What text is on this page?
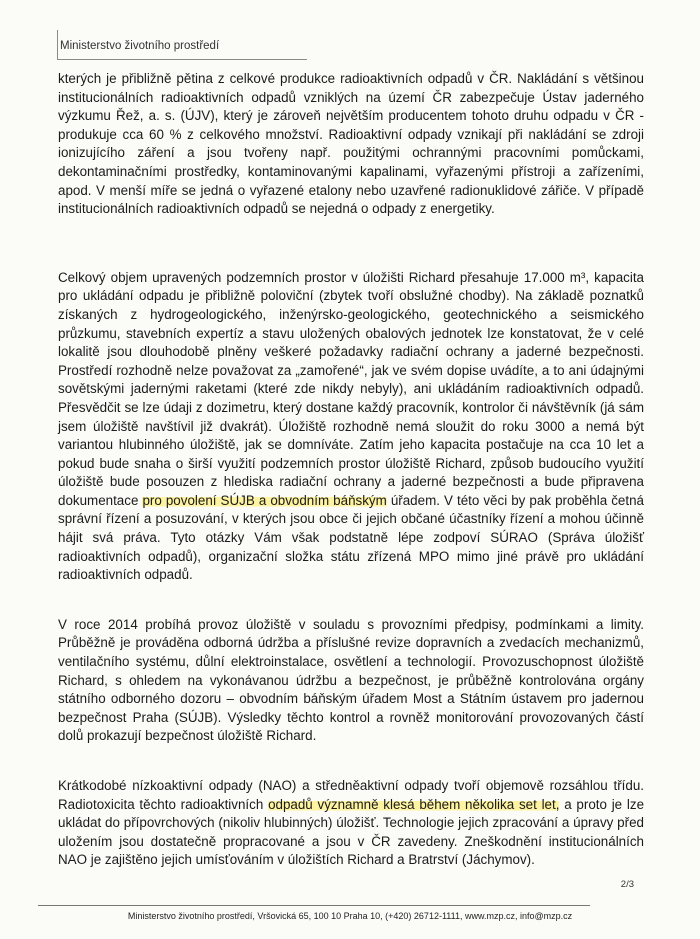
Ministerstvo životního prostředí

kterých je přibližně pětina z celkové produkce radioaktivních odpadů v ČR. Nakládání s většinou institucionálních radioaktivních odpadů vzniklých na území ČR zabezpečuje Ústav jaderného výzkumu Řež, a. s. (ÚJV), který je zároveň největším producentem tohoto druhu odpadu v ČR - produkuje cca 60 % z celkového množství. Radioaktivní odpady vznikají při nakládání se zdroji ionizujícího záření a jsou tvořeny např. použitými ochrannými pracovními pomůckami, dekontaminačními prostředky, kontaminovanými kapalinami, vyřazenými přístroji a zařízeními, apod. V menší míře se jedná o vyřazené etalony nebo uzavřené radionuklidové zářiče. V případě institucionálních radioaktivních odpadů se nejedná o odpady z energetiky.

Celkový objem upravených podzemních prostor v úložišti Richard přesahuje 17.000 m³, kapacita pro ukládání odpadu je přibližně poloviční (zbytek tvoří obslužné chodby). Na základě poznatků získaných z hydrogeologického, inženýrsko-geologického, geotechnického a seismického průzkumu, stavebních expertíz a stavu uložených obalových jednotek lze konstatovat, že v celé lokalitě jsou dlouhodobě plněny veškeré požadavky radiační ochrany a jaderné bezpečnosti. Prostředí rozhodně nelze považovat za „zamořené“, jak ve svém dopise uvádíte, a to ani údajnými sovětskými jadernými raketami (které zde nikdy nebyly), ani ukládáním radioaktivních odpadů. Přesvědčit se lze údaji z dozimetru, který dostane každý pracovník, kontrolor či návštěvník (já sám jsem úložiště navštívil již dvakrát). Úložiště rozhodně nemá sloužit do roku 3000 a nemá být variantou hlubinného úložiště, jak se domníváte. Zatím jeho kapacita postačuje na cca 10 let a pokud bude snaha o širší využití podzemních prostor úložiště Richard, způsob budoucího využití úložiště bude posouzen z hlediska radiační ochrany a jaderné bezpečnosti a bude připravena dokumentace pro povolení SÚJB a obvodním báňským úřadem. V této věci by pak proběhla četná správní řízení a posuzování, v kterých jsou obce či jejich občané účastníky řízení a mohou účinně hájit svá práva. Tyto otázky Vám však podstatně lépe zodpoví SÚRAO (Správa úložišť radioaktivních odpadů), organizační složka státu zřízená MPO mimo jiné právě pro ukládání radioaktivních odpadů.

V roce 2014 probíhá provoz úložiště v souladu s provozními předpisy, podmínkami a limity. Průběžně je prováděna odborná údržba a příslušné revize dopravních a zvedacích mechanizmů, ventilačního systému, důlní elektroinstalace, osvětlení a technologií. Provozuschopnost úložiště Richard, s ohledem na vykonávanou údržbu a bezpečnost, je průběžně kontrolována orgány státního odborného dozoru – obvodním báňským úřadem Most a Státním ústavem pro jadernou bezpečnost Praha (SÚJB). Výsledky těchto kontrol a rovněž monitorování provozovaných částí dolů prokazují bezpečnost úložiště Richard.

Krátkodobé nízkoaktivní odpady (NAO) a středněaktivní odpady tvoří objemově rozsáhlou třídu. Radiotoxicita těchto radioaktivních odpadů významně klesá během několika set let, a proto je lze ukládat do přípovrchových (nikoliv hlubinných) úložišť. Technologie jejich zpracování a úpravy před uložením jsou dostatečně propracované a jsou v ČR zavedeny. Zneškodnění institucionálních NAO je zajištěno jejich umísťováním v úložištích Richard a Bratrství (Jáchymov).

2/3
Ministerstvo životního prostředí, Vršovická 65, 100 10 Praha 10, (+420) 26712-1111, www.mzp.cz, info@mzp.cz
